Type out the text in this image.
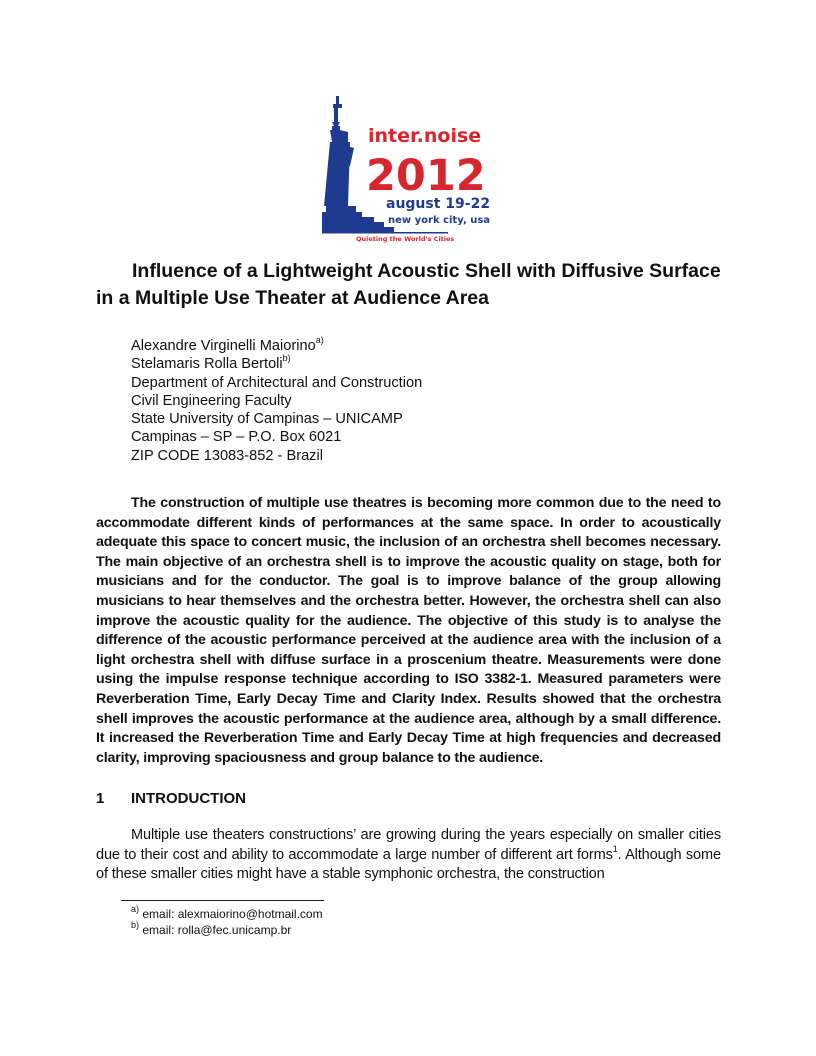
inter.noise
2012
august 19-22
new york city, usa
Quieting the World's Cities
Influence of a Lightweight Acoustic Shell with Diffusive Surface
in a Multiple Use Theater at Audience Area
Alexandre Virginelli Maiorino$^{a)}$
Stelamaris Rolla Bertoli$^{b)}$
Department of Architectural and Construction
Civil Engineering Faculty
State University of Campinas – UNICAMP
Campinas – SP – P.O. Box 6021
ZIP CODE 13083-852 - Brazil

The construction of multiple use theatres is becoming more common due to the need to accommodate different kinds of performances at the same space. In order to acoustically adequate this space to concert music, the inclusion of an orchestra shell becomes necessary. The main objective of an orchestra shell is to improve the acoustic quality on stage, both for musicians and for the conductor. The goal is to improve balance of the group allowing musicians to hear themselves and the orchestra better. However, the orchestra shell can also improve the acoustic quality for the audience. The objective of this study is to analyse the difference of the acoustic performance perceived at the audience area with the inclusion of a light orchestra shell with diffuse surface in a proscenium theatre. Measurements were done using the impulse response technique according to ISO 3382-1. Measured parameters were Reverberation Time, Early Decay Time and Clarity Index. Results showed that the orchestra shell improves the acoustic performance at the audience area, although by a small difference. It increased the Reverberation Time and Early Decay Time at high frequencies and decreased clarity, improving spaciousness and group balance to the audience.

1	INTRODUCTION

Multiple use theaters constructions’ are growing during the years especially on smaller cities due to their cost and ability to accommodate a large number of different art forms$^1$. Although some of these smaller cities might have a stable symphonic orchestra, the construction

$^{a)}$ email: alexmaiorino@hotmail.com
$^{b)}$ email: rolla@fec.unicamp.br
